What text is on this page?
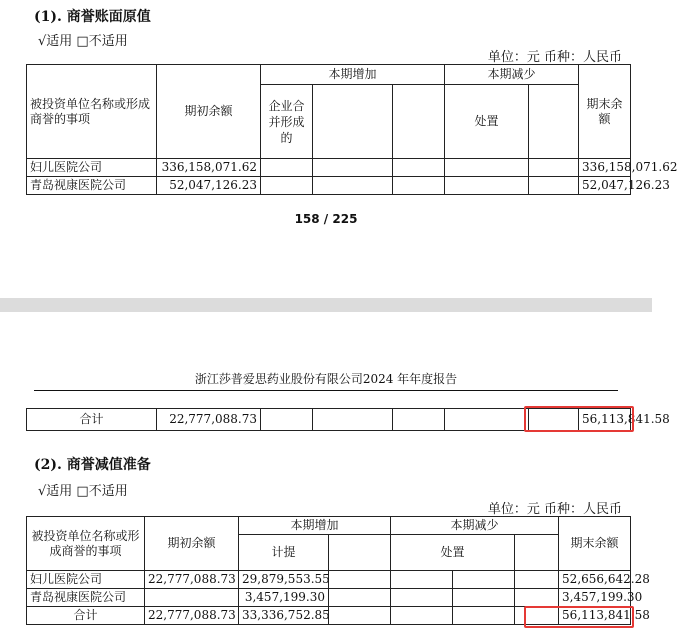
(1). 商誉账面原值
√适用 □不适用
单位：元 币种：人民币
被投资单位名称或形成商誉的事项	期初余额	本期增加			本期减少		期末余额
		企业合并形成的			处置		
妇儿医院公司	336,158,071.62						336,158,071.62
青岛视康医院公司	52,047,126.23						52,047,126.23
158 / 225
浙江莎普爱思药业股份有限公司2024 年年度报告
合计	22,777,088.73						56,113,841.58
(2). 商誉减值准备
√适用 □不适用
单位：元 币种：人民币
被投资单位名称或形成商誉的事项	期初余额	本期增加		本期减少			期末余额
		计提		处置			
妇儿医院公司	22,777,088.73	29,879,553.55					52,656,642.28
青岛视康医院公司		3,457,199.30					3,457,199.30
合计	22,777,088.73	33,336,752.85					56,113,841.58
